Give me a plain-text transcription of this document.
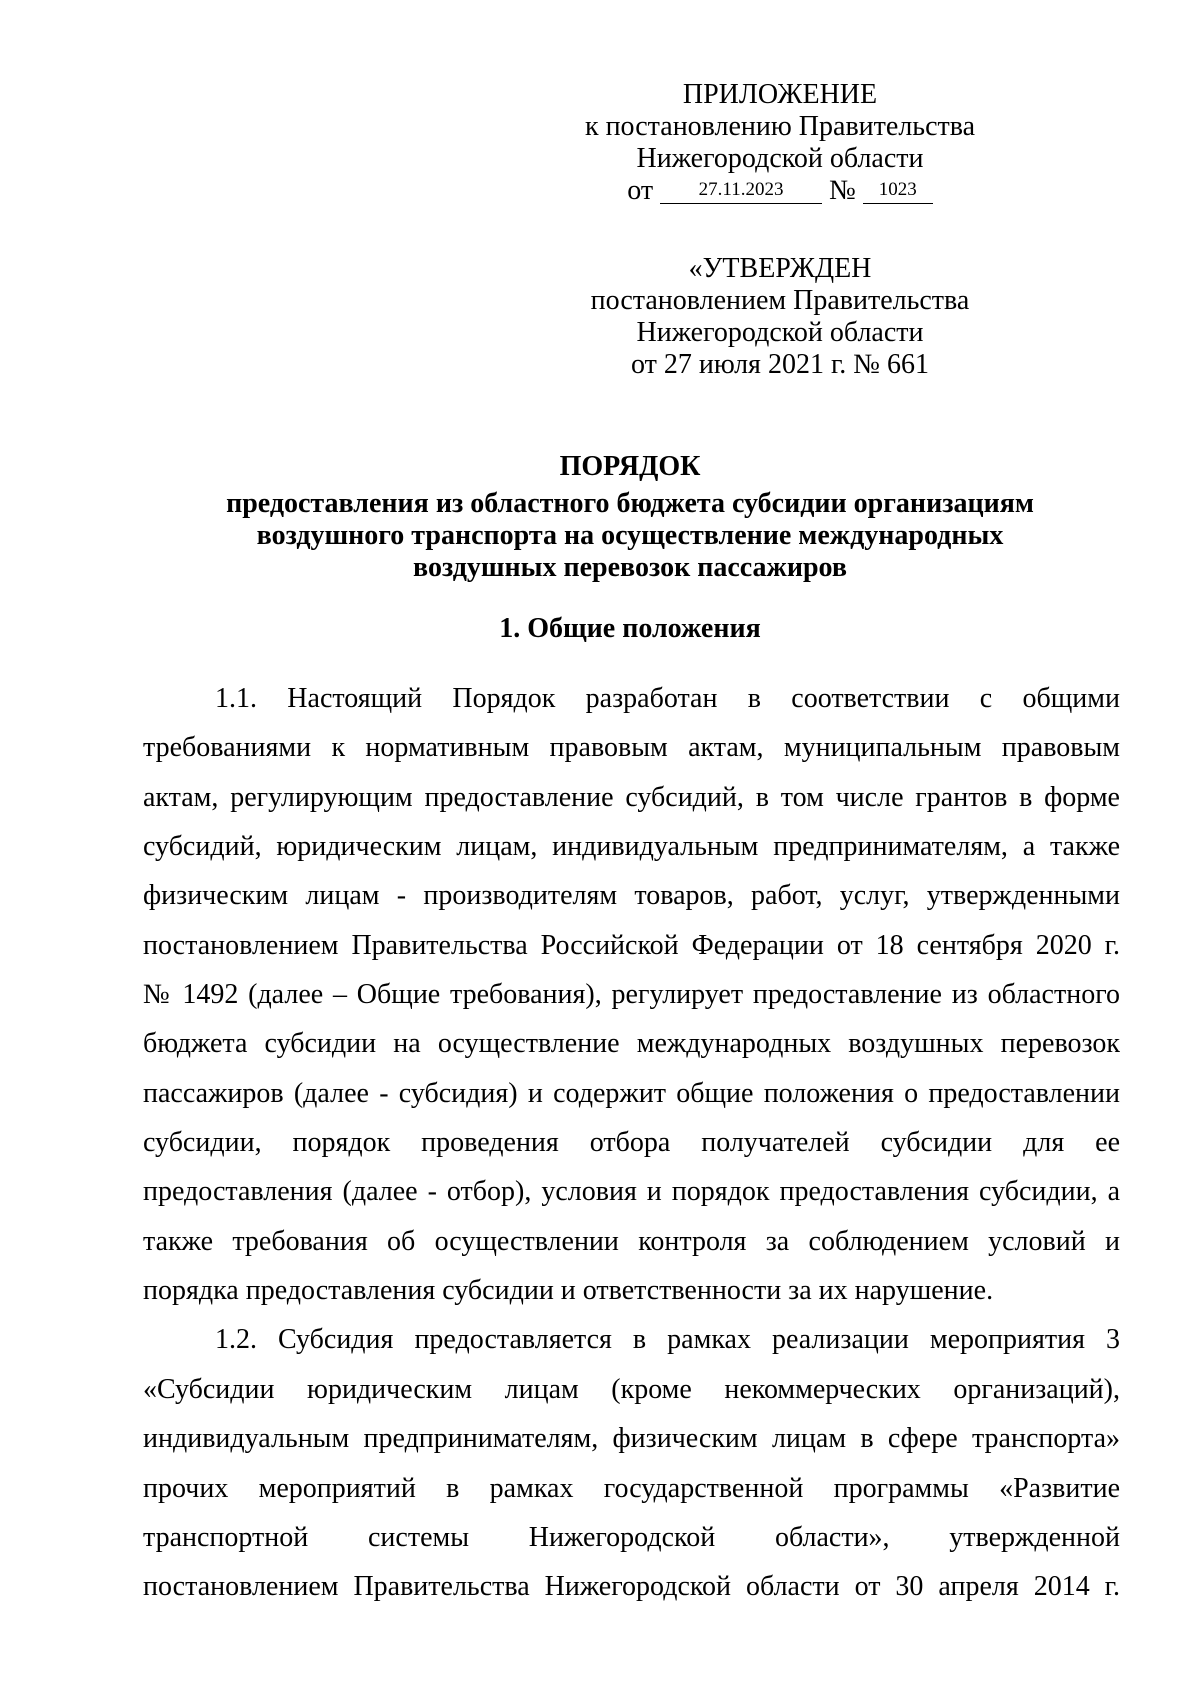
ПРИЛОЖЕНИЕ
к постановлению Правительства
Нижегородской области
от 27.11.2023 № 1023
«УТВЕРЖДЕН
постановлением Правительства
Нижегородской области
от 27 июля 2021 г. № 661
ПОРЯДОК
предоставления из областного бюджета субсидии организациям
воздушного транспорта на осуществление международных
воздушных перевозок пассажиров
1. Общие положения
1.1. Настоящий Порядок разработан в соответствии с общими
требованиями к нормативным правовым актам, муниципальным правовым
актам, регулирующим предоставление субсидий, в том числе грантов в форме
субсидий, юридическим лицам, индивидуальным предпринимателям, а также
физическим лицам - производителям товаров, работ, услуг, утвержденными
постановлением Правительства Российской Федерации от 18 сентября 2020 г.
№ 1492 (далее – Общие требования), регулирует предоставление из областного
бюджета субсидии на осуществление международных воздушных перевозок
пассажиров (далее - субсидия) и содержит общие положения о предоставлении
субсидии, порядок проведения отбора получателей субсидии для ее
предоставления (далее - отбор), условия и порядок предоставления субсидии, а
также требования об осуществлении контроля за соблюдением условий и
порядка предоставления субсидии и ответственности за их нарушение.
1.2. Субсидия предоставляется в рамках реализации мероприятия 3
«Субсидии юридическим лицам (кроме некоммерческих организаций),
индивидуальным предпринимателям, физическим лицам в сфере транспорта»
прочих мероприятий в рамках государственной программы «Развитие
транспортной системы Нижегородской области», утвержденной
постановлением Правительства Нижегородской области от 30 апреля 2014 г.
